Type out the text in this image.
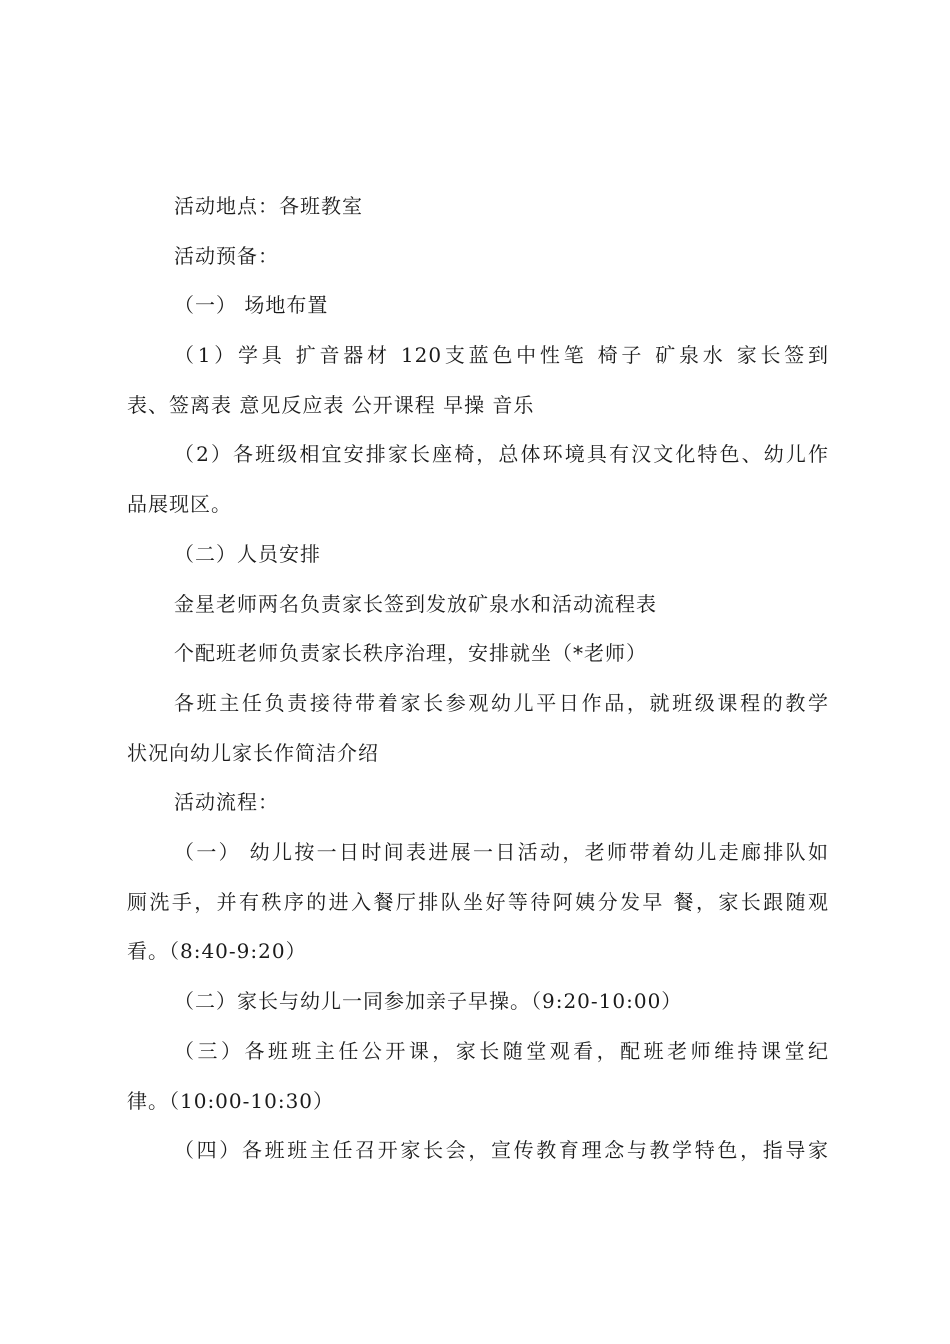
活动地点：各班教室
活动预备：
（一） 场地布置
（1）学具 扩音器材 120支蓝色中性笔 椅子 矿泉水 家长签到
表、签离表 意见反应表 公开课程 早操 音乐
（2）各班级相宜安排家长座椅，总体环境具有汉文化特色、幼儿作
品展现区。
（二）人员安排
金星老师两名负责家长签到发放矿泉水和活动流程表
个配班老师负责家长秩序治理，安排就坐（*老师）
各班主任负责接待带着家长参观幼儿平日作品，就班级课程的教学
状况向幼儿家长作简洁介绍
活动流程：
（一） 幼儿按一日时间表进展一日活动，老师带着幼儿走廊排队如
厕洗手，并有秩序的进入餐厅排队坐好等待阿姨分发早 餐，家长跟随观
看。（8:40-9:20）
（二）家长与幼儿一同参加亲子早操。（9:20-10:00）
（三）各班班主任公开课，家长随堂观看，配班老师维持课堂纪
律。（10:00-10:30）
（四）各班班主任召开家长会，宣传教育理念与教学特色，指导家
